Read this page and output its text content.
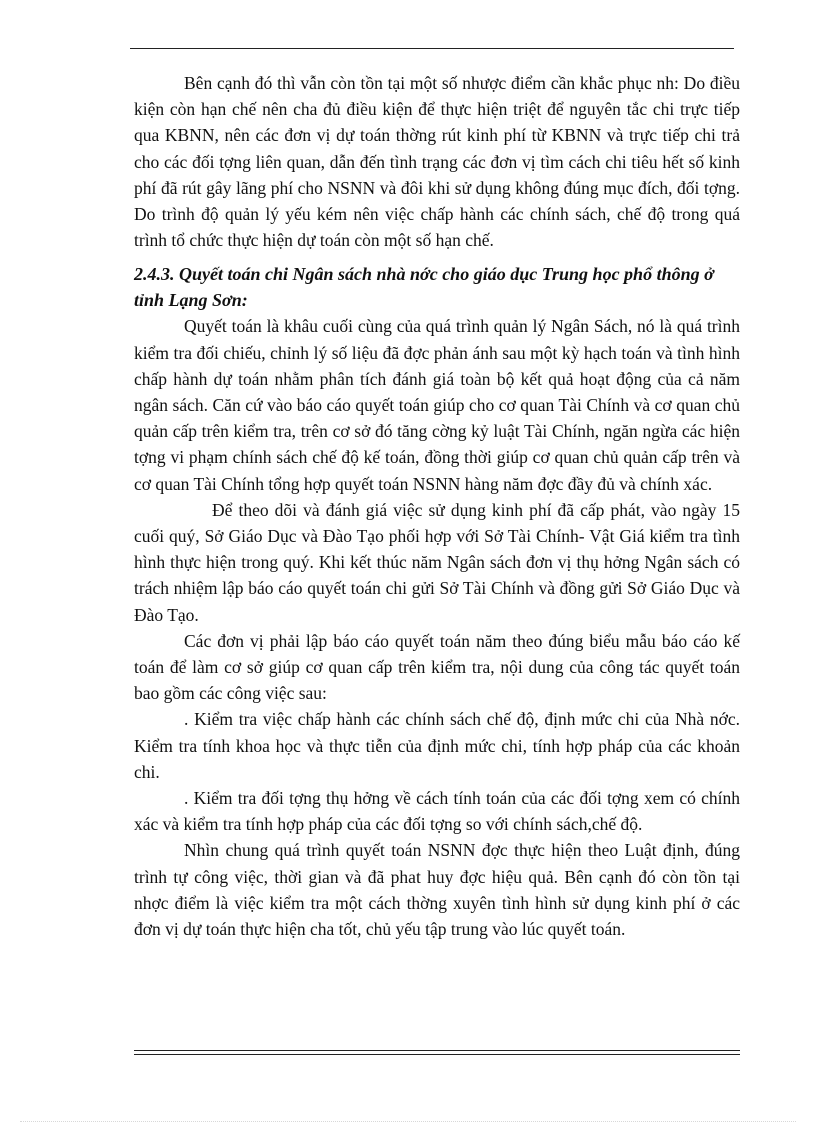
Bên cạnh đó thì vẫn còn tồn tại một số nhược điểm cần khắc phục nh: Do điều kiện còn hạn chế nên cha đủ điều kiện để thực hiện triệt để nguyên tắc chi trực tiếp qua KBNN, nên các đơn vị dự toán thờng rút kinh phí từ KBNN và trực tiếp chi trả cho các đối tợng liên quan, dẫn đến tình trạng các đơn vị tìm cách chi tiêu hết số kinh phí đã rút gây lãng phí cho NSNN và đôi khi sử dụng không đúng mục đích, đối tợng. Do trình độ quản lý yếu kém nên việc chấp hành các chính sách, chế độ trong quá trình tổ chức thực hiện dự toán còn một số hạn chế.

2.4.3. Quyết toán chi Ngân sách nhà nớc cho giáo dục Trung học phổ thông ở tỉnh Lạng Sơn:

Quyết toán là khâu cuối cùng của quá trình quản lý Ngân Sách, nó là quá trình kiểm tra đối chiếu, chỉnh lý số liệu đã đợc phản ánh sau một kỳ hạch toán và tình hình chấp hành dự toán nhằm phân tích đánh giá toàn bộ kết quả hoạt động của cả năm ngân sách. Căn cứ vào báo cáo quyết toán giúp cho cơ quan Tài Chính và cơ quan chủ quản cấp trên kiểm tra, trên cơ sở đó tăng cờng kỷ luật Tài Chính, ngăn ngừa các hiện tợng vi phạm chính sách chế độ kế toán, đồng thời giúp cơ quan chủ quản cấp trên và cơ quan Tài Chính tổng hợp quyết toán NSNN hàng năm đợc đầy đủ và chính xác.

Để theo dõi và đánh giá việc sử dụng kinh phí đã cấp phát, vào ngày 15 cuối quý, Sở Giáo Dục và Đào Tạo phối hợp với Sở Tài Chính- Vật Giá kiểm tra tình hình thực hiện trong quý. Khi kết thúc năm Ngân sách đơn vị thụ hởng Ngân sách có trách nhiệm lập báo cáo quyết toán chi gửi Sở Tài Chính và đồng gửi Sở Giáo Dục và Đào Tạo.

Các đơn vị phải lập báo cáo quyết toán năm theo đúng biểu mẫu báo cáo kế toán để làm cơ sở giúp cơ quan cấp trên kiểm tra, nội dung của công tác quyết toán bao gồm các công việc sau:

. Kiểm tra việc chấp hành các chính sách chế độ, định mức chi của Nhà nớc. Kiểm tra tính khoa học và thực tiễn của định mức chi, tính hợp pháp của các khoản chi.

. Kiểm tra đối tợng thụ hởng về cách tính toán của các đối tợng xem có chính xác và kiểm tra tính hợp pháp của các đối tợng so với chính sách,chế độ.

Nhìn chung quá trình quyết toán NSNN đợc thực hiện theo Luật định, đúng trình tự công việc, thời gian và đã phat huy đợc hiệu quả. Bên cạnh đó còn tồn tại nhợc điểm là việc kiểm tra một cách thờng xuyên tình hình sử dụng kinh phí ở các đơn vị dự toán thực hiện cha tốt, chủ yếu tập trung vào lúc quyết toán.
